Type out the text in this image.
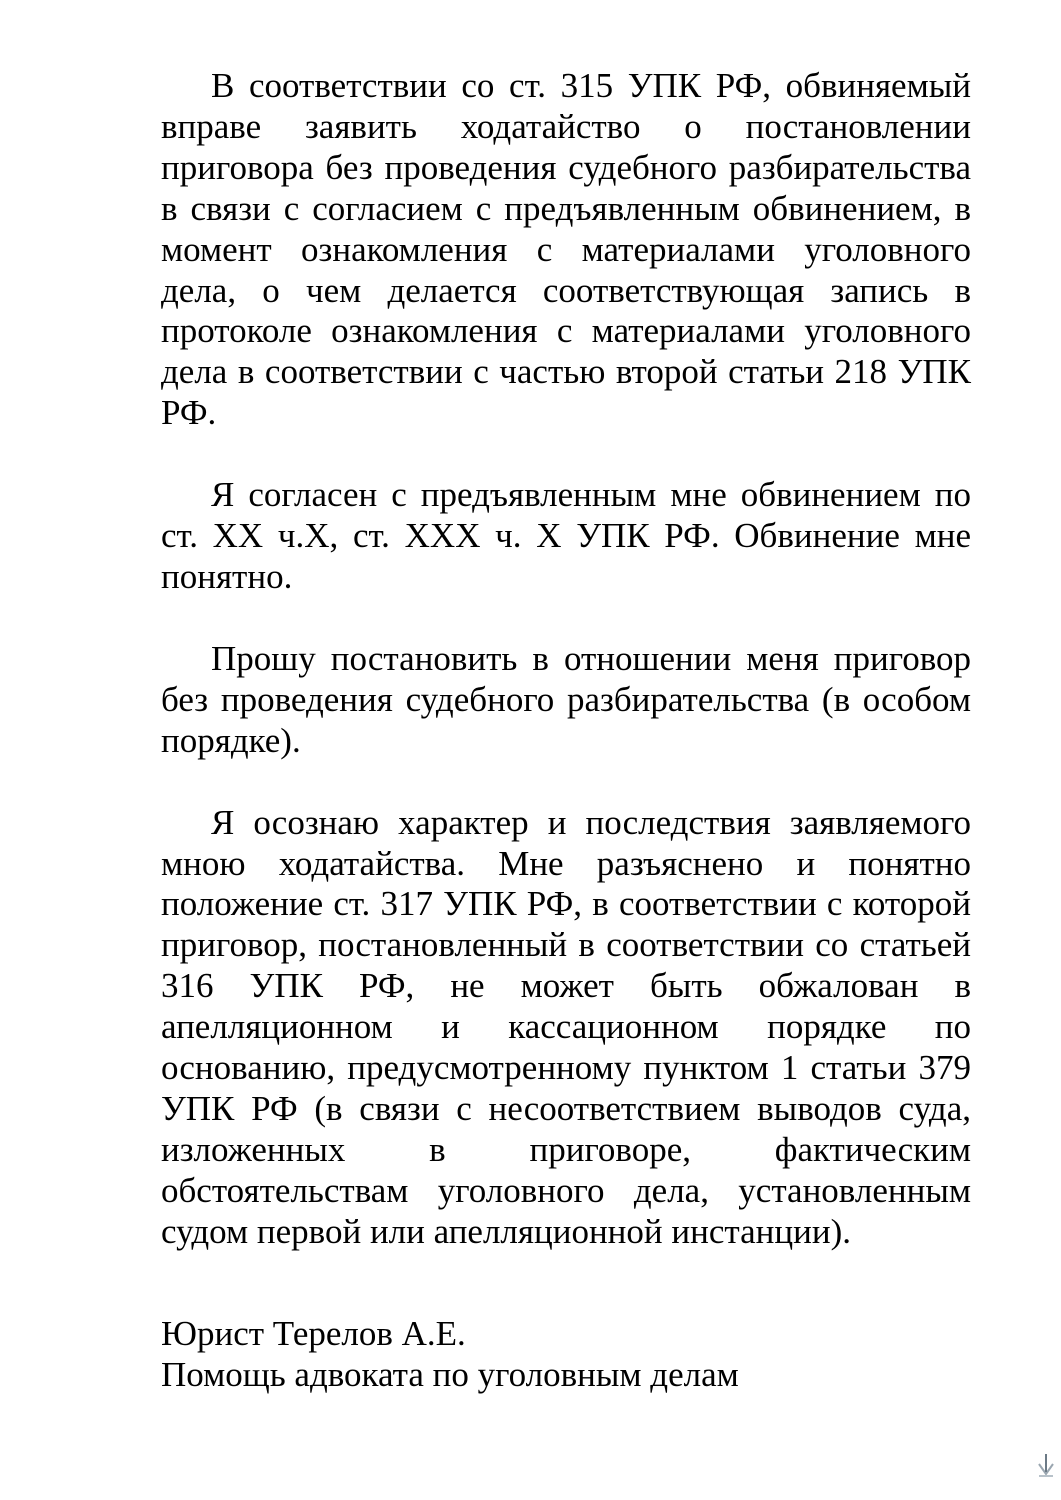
В соответствии со ст. 315 УПК РФ, обвиняемый вправе заявить ходатайство о постановлении приговора без проведения судебного разбирательства в связи с согласием с предъявленным обвинением, в момент ознакомления с материалами уголовного дела, о чем делается соответствующая запись в протоколе ознакомления с материалами уголовного дела в соответствии с частью второй статьи 218 УПК РФ.

Я согласен с предъявленным мне обвинением по ст. XX ч.X, ст. XXX ч. X УПК РФ. Обвинение мне понятно.

Прошу постановить в отношении меня приговор без проведения судебного разбирательства (в особом порядке).

Я осознаю характер и последствия заявляемого мною ходатайства. Мне разъяснено и понятно положение ст. 317 УПК РФ, в соответствии с которой приговор, постановленный в соответствии со статьей 316 УПК РФ, не может быть обжалован в апелляционном и кассационном порядке по основанию, предусмотренному пунктом 1 статьи 379 УПК РФ (в связи с несоответствием выводов суда, изложенных в приговоре, фактическим обстоятельствам уголовного дела, установленным судом первой или апелляционной инстанции).

Юрист Терелов А.Е.
Помощь адвоката по уголовным делам
